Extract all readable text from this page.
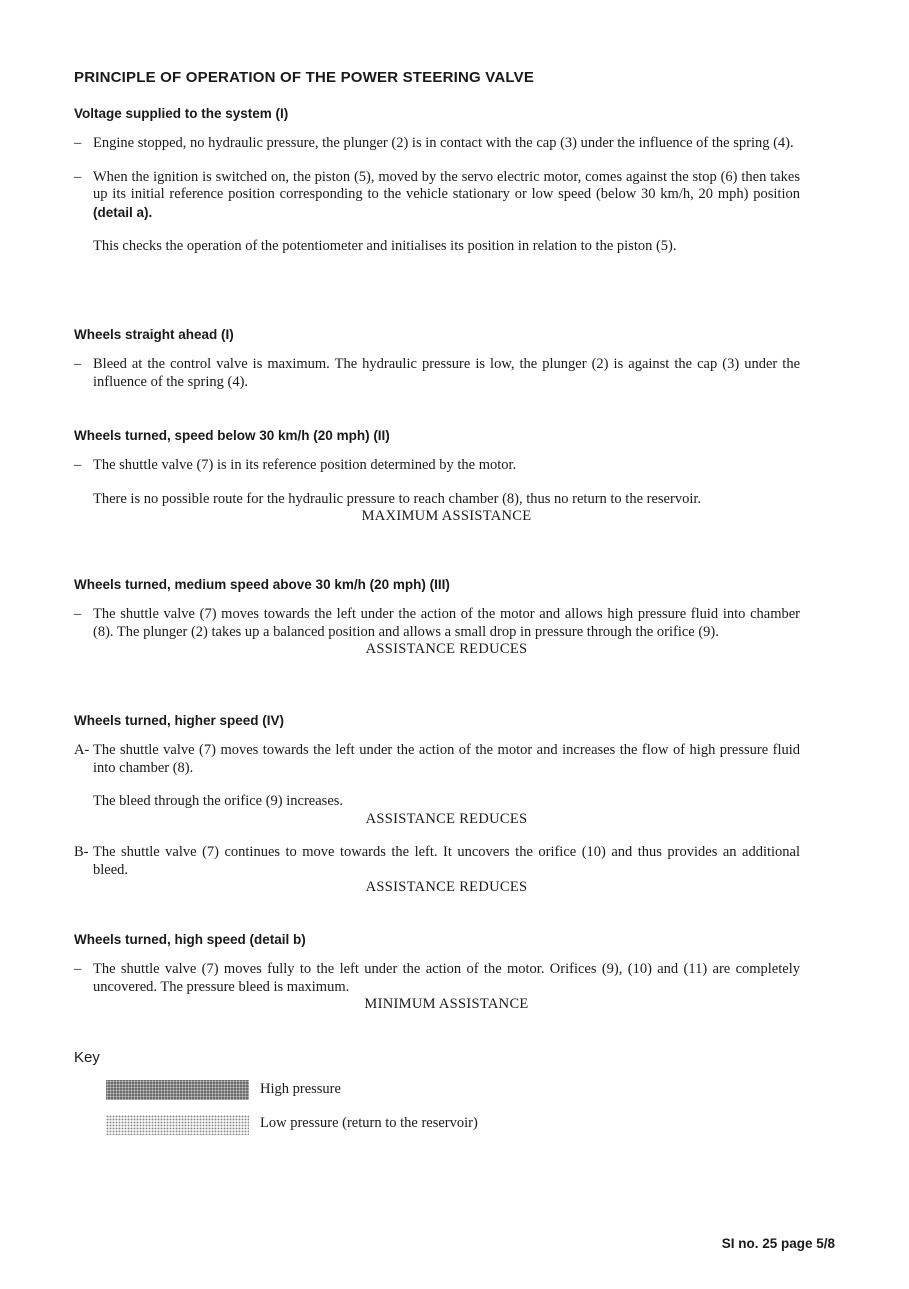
PRINCIPLE OF OPERATION OF THE POWER STEERING VALVE
Voltage supplied to the system (I)

– Engine stopped, no hydraulic pressure, the plunger (2) is in contact with the cap (3) under the influence of the spring (4).

– When the ignition is switched on, the piston (5), moved by the servo electric motor, comes against the stop (6) then takes up its initial reference position corresponding to the vehicle stationary or low speed (below 30 km/h, 20 mph) position (detail a).

This checks the operation of the potentiometer and initialises its position in relation to the piston (5).

Wheels straight ahead (I)

– Bleed at the control valve is maximum. The hydraulic pressure is low, the plunger (2) is against the cap (3) under the influence of the spring (4).

Wheels turned, speed below 30 km/h (20 mph) (II)

– The shuttle valve (7) is in its reference position determined by the motor.

There is no possible route for the hydraulic pressure to reach chamber (8), thus no return to the reservoir.

MAXIMUM ASSISTANCE

Wheels turned, medium speed above 30 km/h (20 mph) (III)

– The shuttle valve (7) moves towards the left under the action of the motor and allows high pressure fluid into chamber (8). The plunger (2) takes up a balanced position and allows a small drop in pressure through the orifice (9).

ASSISTANCE REDUCES

Wheels turned, higher speed (IV)

A- The shuttle valve (7) moves towards the left under the action of the motor and increases the flow of high pressure fluid into chamber (8).

The bleed through the orifice (9) increases.

ASSISTANCE REDUCES

B- The shuttle valve (7) continues to move towards the left. It uncovers the orifice (10) and thus provides an additional bleed.

ASSISTANCE REDUCES

Wheels turned, high speed (detail b)

– The shuttle valve (7) moves fully to the left under the action of the motor. Orifices (9), (10) and (11) are completely uncovered. The pressure bleed is maximum.

MINIMUM ASSISTANCE

Key

High pressure

Low pressure (return to the reservoir)

SI no. 25 page 5/8
